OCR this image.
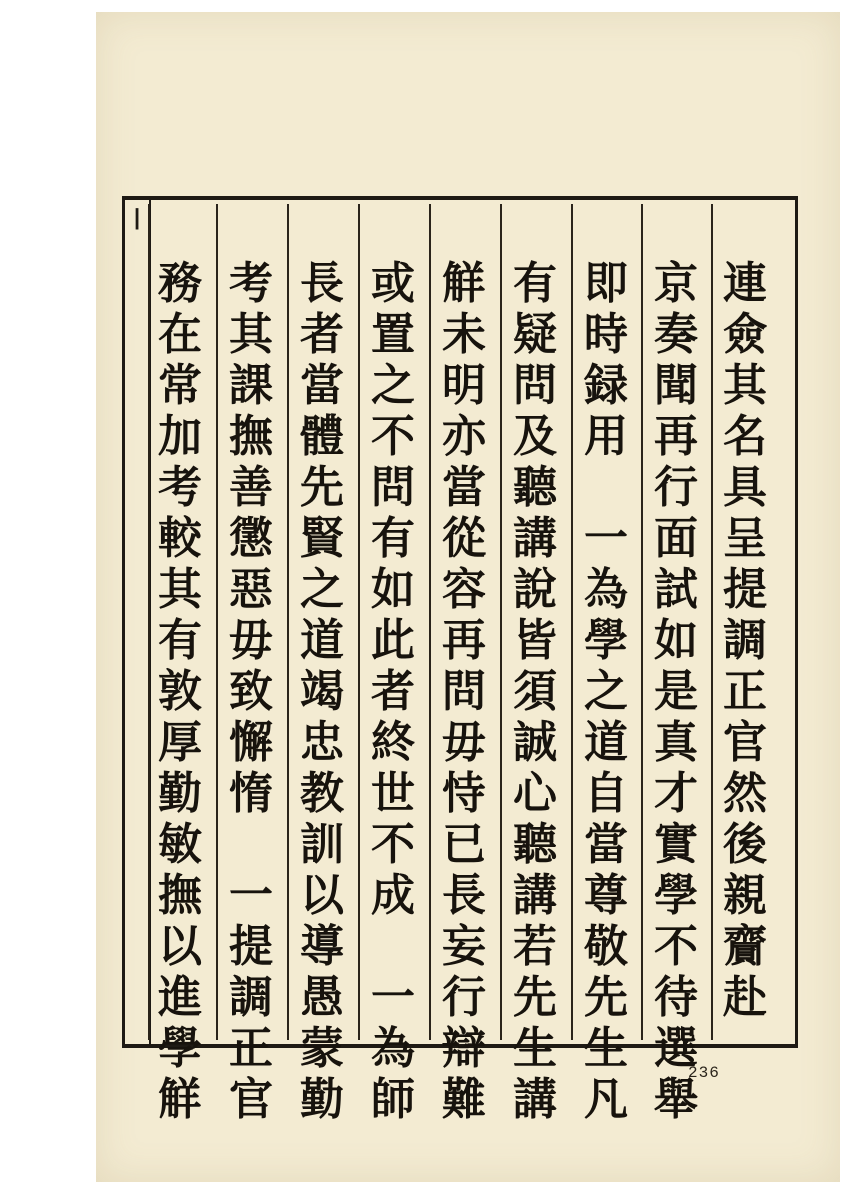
┃
連
僉
其
名
具
呈
提
調
正
官
然
後
親
齎
赴
京
奏
聞
再
行
面
試
如
是
真
才
實
學
不
待
選
舉
即
時
録
用

一
為
學
之
道
自
當
尊
敬
先
生
凡
有
疑
問
及
聽
講
說
皆
須
誠
心
聽
講
若
先
生
講
觧
未
明
亦
當
從
容
再
問
毋
恃
已
長
妄
行
辯
難
或
置
之
不
問
有
如
此
者
終
世
不
成

一
為
師
長
者
當
體
先
賢
之
道
竭
忠
教
訓
以
導
愚
蒙
勤
考
其
課
撫
善
懲
惡
毋
致
懈
惰

一
提
調
正
官
務
在
常
加
考
較
其
有
敦
厚
勤
敏
撫
以
進
學
觧
236
